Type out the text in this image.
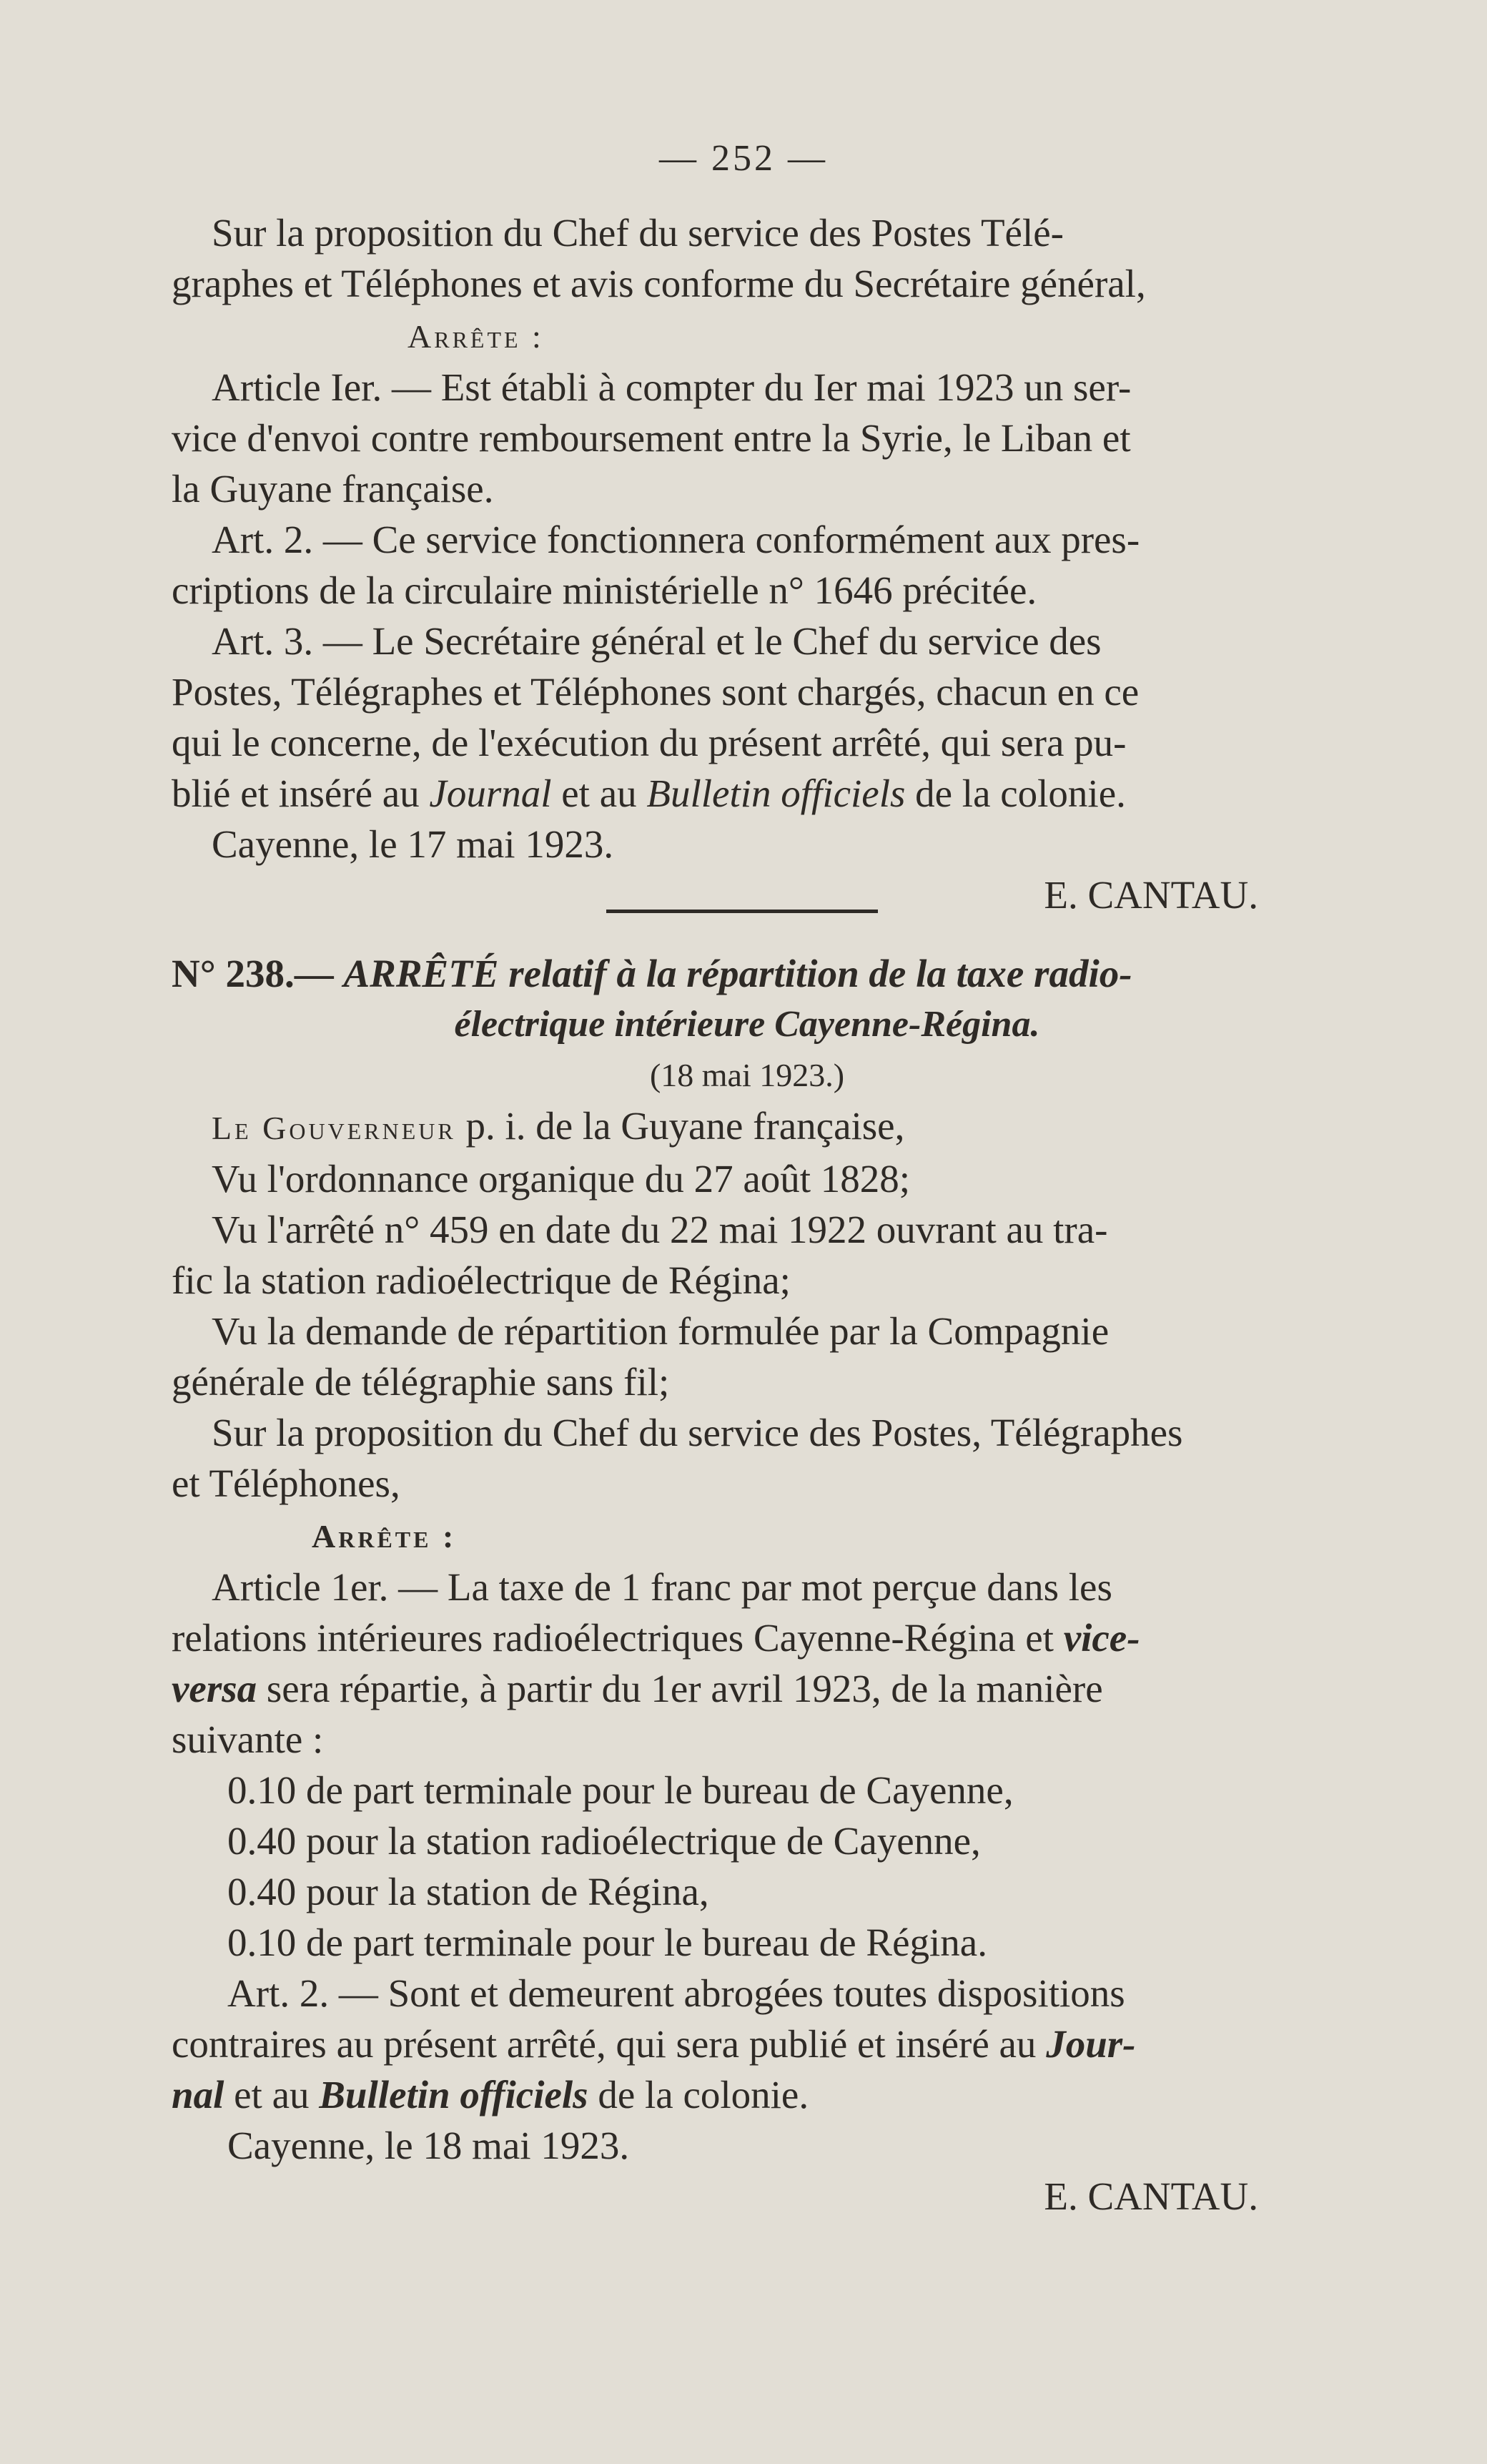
— 252 —

Sur la proposition du Chef du service des Postes Télé-

graphes et Téléphones et avis conforme du Secrétaire général,

Arrête :

Article Ier. — Est établi à compter du Ier mai 1923 un ser-

vice d'envoi contre remboursement entre la Syrie, le Liban et

la Guyane française.

Art. 2. — Ce service fonctionnera conformément aux pres-

criptions de la circulaire ministérielle n° 1646 précitée.

Art. 3. — Le Secrétaire général et le Chef du service des

Postes, Télégraphes et Téléphones sont chargés, chacun en ce

qui le concerne, de l'exécution du présent arrêté, qui sera pu-

blié et inséré au Journal et au Bulletin officiels de la colonie.

Cayenne, le 17 mai 1923.

E. CANTAU.

N° 238.— ARRÊTÉ relatif à la répartition de la taxe radio-

électrique intérieure Cayenne-Régina.

(18 mai 1923.)

Le Gouverneur p. i. de la Guyane française,

Vu l'ordonnance organique du 27 août 1828;

Vu l'arrêté n° 459 en date du 22 mai 1922 ouvrant au tra-

fic la station radioélectrique de Régina;

Vu la demande de répartition formulée par la Compagnie

générale de télégraphie sans fil;

Sur la proposition du Chef du service des Postes, Télégraphes

et Téléphones,

Arrête :

Article 1er. — La taxe de 1 franc par mot perçue dans les

relations intérieures radioélectriques Cayenne-Régina et vice-

versa sera répartie, à partir du 1er avril 1923, de la manière

suivante :

0.10 de part terminale pour le bureau de Cayenne,

0.40 pour la station radioélectrique de Cayenne,

0.40 pour la station de Régina,

0.10 de part terminale pour le bureau de Régina.

Art. 2. — Sont et demeurent abrogées toutes dispositions

contraires au présent arrêté, qui sera publié et inséré au Jour-

nal et au Bulletin officiels de la colonie.

Cayenne, le 18 mai 1923.

E. CANTAU.
